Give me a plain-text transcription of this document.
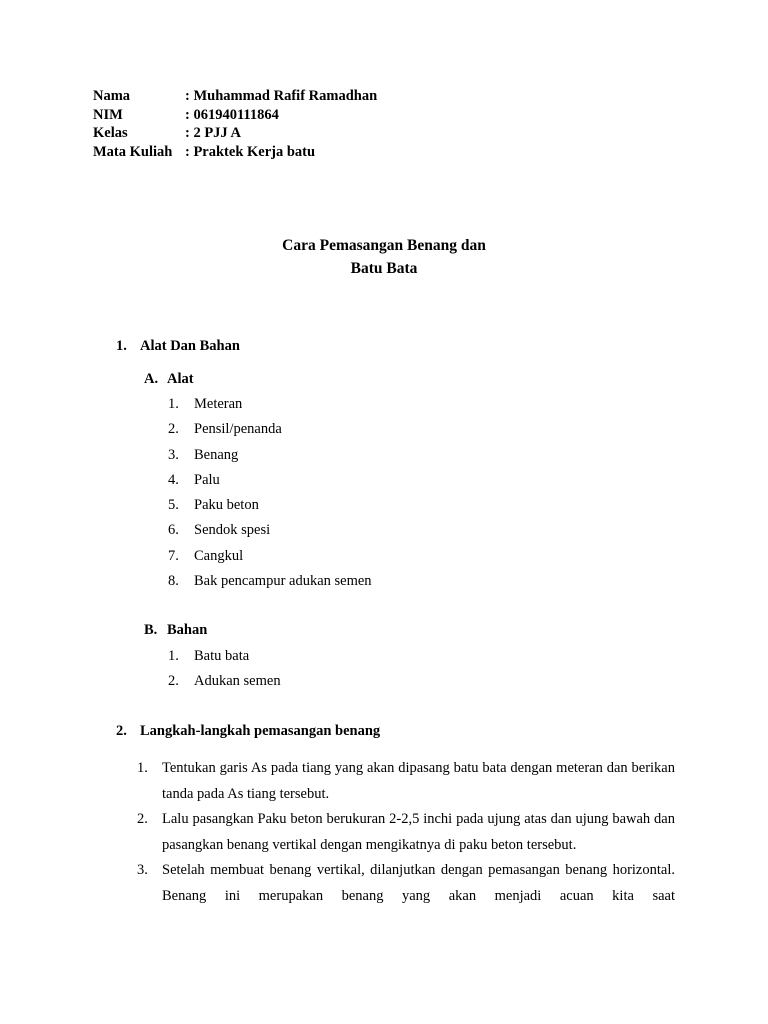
Nama	: Muhammad Rafif Ramadhan
NIM	: 061940111864
Kelas	: 2 PJJ A
Mata Kuliah : Praktek Kerja batu
Cara Pemasangan Benang dan
Batu Bata
1. Alat Dan Bahan
A. Alat
1.	Meteran
2.	Pensil/penanda
3.	Benang
4.	Palu
5.	Paku beton
6.	Sendok spesi
7.	Cangkul
8.	Bak pencampur adukan semen
B. Bahan
1.	Batu bata
2.	Adukan semen
2. Langkah-langkah pemasangan benang
1. Tentukan garis As pada tiang yang akan dipasang batu bata dengan meteran dan berikan tanda pada As tiang tersebut.
2. Lalu pasangkan Paku beton berukuran 2-2,5 inchi pada ujung atas dan ujung bawah dan pasangkan benang vertikal dengan mengikatnya di paku beton tersebut.
3. Setelah membuat benang vertikal, dilanjutkan dengan pemasangan benang horizontal. Benang ini merupakan benang yang akan menjadi acuan kita saat
